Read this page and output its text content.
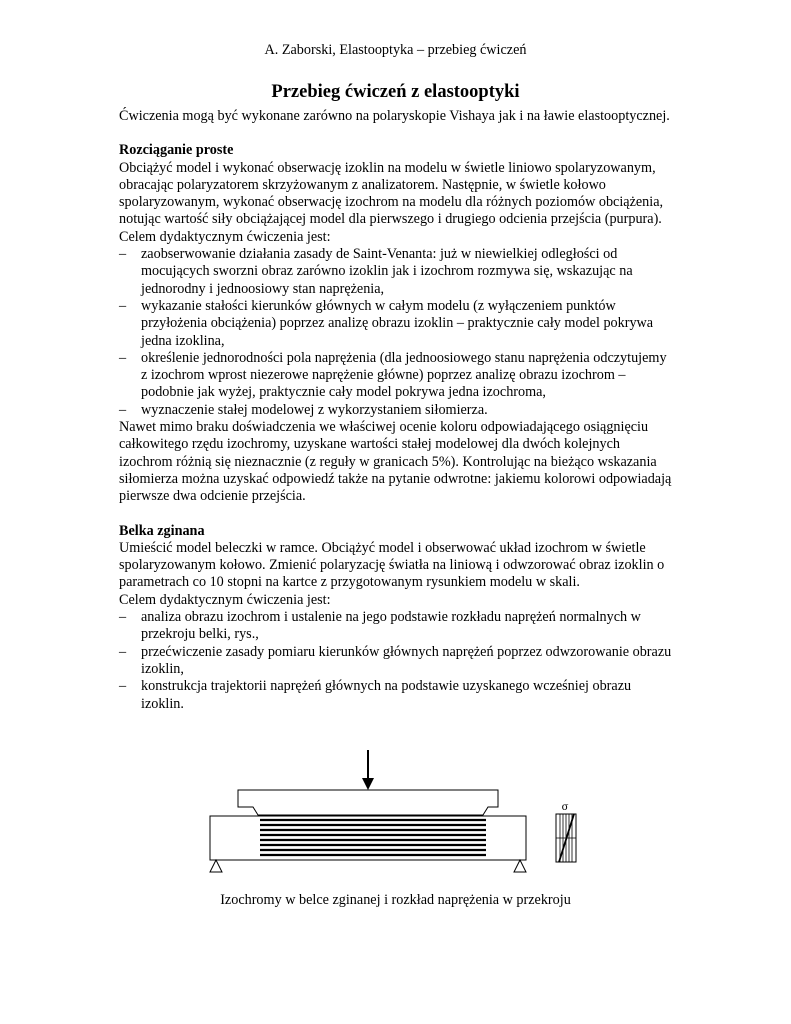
A. Zaborski, Elastooptyka – przebieg ćwiczeń
Przebieg ćwiczeń z elastooptyki

Ćwiczenia mogą być wykonane zarówno na polaryskopie Vishaya jak i na ławie elastooptycznej.

Rozciąganie proste

Obciążyć model i wykonać obserwację izoklin na modelu w świetle liniowo spolaryzowanym, obracając polaryzatorem skrzyżowanym z analizatorem. Następnie, w świetle kołowo spolaryzowanym, wykonać obserwację izochrom na modelu dla różnych poziomów obciążenia, notując wartość siły obciążającej model dla pierwszego i drugiego odcienia przejścia (purpura).

Celem dydaktycznym ćwiczenia jest:

– zaobserwowanie działania zasady de Saint-Venanta: już w niewielkiej odległości od mocujących sworzni obraz zarówno izoklin jak i izochrom rozmywa się, wskazując na jednorodny i jednoosiowy stan naprężenia,
– wykazanie stałości kierunków głównych w całym modelu (z wyłączeniem punktów przyłożenia obciążenia) poprzez analizę obrazu izoklin – praktycznie cały model pokrywa jedna izoklina,
– określenie jednorodności pola naprężenia (dla jednoosiowego stanu naprężenia odczytujemy z izochrom wprost niezerowe naprężenie główne) poprzez analizę obrazu izochrom – podobnie jak wyżej, praktycznie cały model pokrywa jedna izochroma,
– wyznaczenie stałej modelowej z wykorzystaniem siłomierza.

Nawet mimo braku doświadczenia we właściwej ocenie koloru odpowiadającego osiągnięciu całkowitego rzędu izochromy, uzyskane wartości stałej modelowej dla dwóch kolejnych izochrom różnią się nieznacznie (z reguły w granicach 5%). Kontrolując na bieżąco wskazania siłomierza można uzyskać odpowiedź także na pytanie odwrotne: jakiemu kolorowi odpowiadają pierwsze dwa odcienie przejścia.

Belka zginana

Umieścić model beleczki w ramce. Obciążyć model i obserwować układ izochrom w świetle spolaryzowanym kołowo. Zmienić polaryzację światła na liniową i odwzorować obraz izoklin o parametrach co 10 stopni na kartce z przygotowanym rysunkiem modelu w skali.

Celem dydaktycznym ćwiczenia jest:

– analiza obrazu izochrom i ustalenie na jego podstawie rozkładu naprężeń normalnych w przekroju belki, rys.,
– przećwiczenie zasady pomiaru kierunków głównych naprężeń poprzez odwzorowanie obrazu izoklin,
– konstrukcja trajektorii naprężeń głównych na podstawie uzyskanego wcześniej obrazu izoklin.
σ
Izochromy w belce zginanej i rozkład naprężenia w przekroju
